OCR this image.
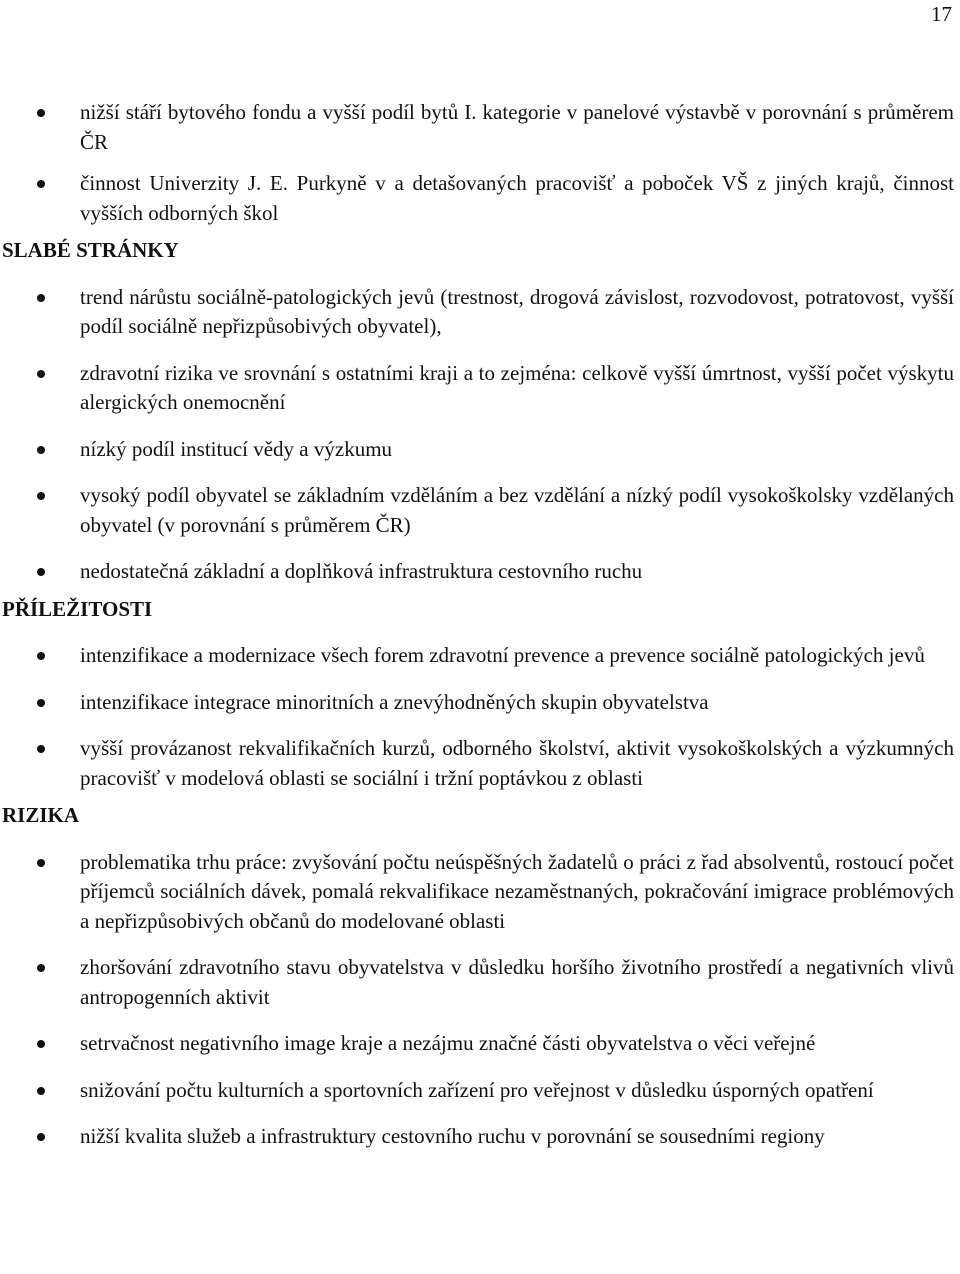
17
nižší stáří bytového fondu a vyšší podíl bytů I. kategorie v panelové výstavbě v porovnání s průměrem ČR
činnost Univerzity J. E. Purkyně v a detašovaných pracovišť a poboček VŠ z jiných krajů, činnost vyšších odborných škol
SLABÉ STRÁNKY
trend nárůstu sociálně-patologických jevů (trestnost, drogová závislost, rozvodovost, potratovost, vyšší podíl sociálně nepřizpůsobivých obyvatel),
zdravotní rizika ve srovnání s ostatními kraji a to zejména: celkově vyšší úmrtnost, vyšší počet výskytu alergických onemocnění
nízký podíl institucí vědy a výzkumu
vysoký podíl obyvatel se základním vzděláním a bez vzdělání a nízký podíl vysokoškolsky vzdělaných obyvatel (v porovnání s průměrem ČR)
nedostatečná základní a doplňková infrastruktura cestovního ruchu
PŘÍLEŽITOSTI
intenzifikace a modernizace všech forem zdravotní prevence a prevence sociálně patologických jevů
intenzifikace integrace minoritních a znevýhodněných skupin obyvatelstva
vyšší provázanost rekvalifikačních kurzů, odborného školství, aktivit vysokoškolských a výzkumných pracovišť v modelová oblasti se sociální i tržní poptávkou z oblasti
RIZIKA
problematika trhu práce: zvyšování počtu neúspěšných žadatelů o práci z řad absolventů, rostoucí počet příjemců sociálních dávek, pomalá rekvalifikace nezaměstnaných, pokračování imigrace problémových a nepřizpůsobivých občanů do modelované oblasti
zhoršování zdravotního stavu obyvatelstva v důsledku horšího životního prostředí a negativních vlivů antropogenních aktivit
setrvačnost negativního image kraje a nezájmu značné části obyvatelstva o věci veřejné
snižování počtu kulturních a sportovních zařízení pro veřejnost v důsledku úsporných opatření
nižší kvalita služeb a infrastruktury cestovního ruchu v porovnání se sousedními regiony
